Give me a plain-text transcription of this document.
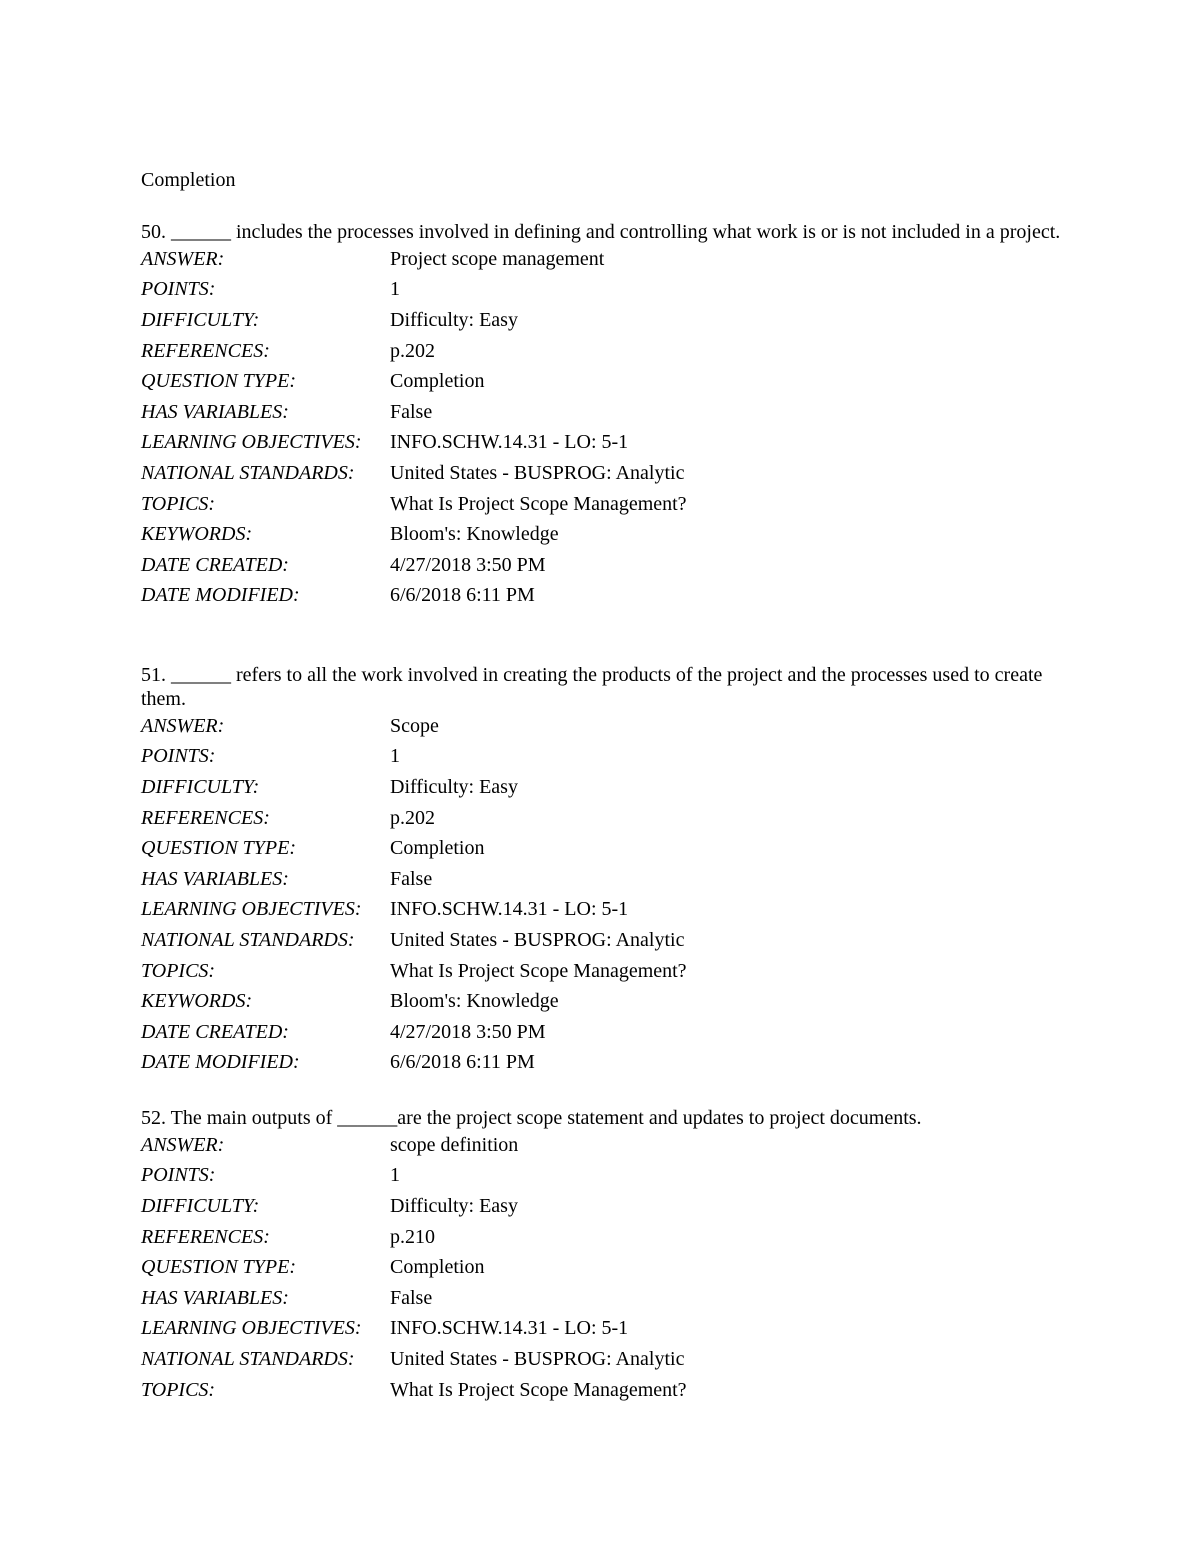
Completion

50. ______ includes the processes involved in defining and controlling what work is or is not included in a project.

ANSWER:	Project scope management
POINTS:	1
DIFFICULTY:	Difficulty: Easy
REFERENCES:	p.202
QUESTION TYPE:	Completion
HAS VARIABLES:	False
LEARNING OBJECTIVES:	INFO.SCHW.14.31 - LO: 5-1
NATIONAL STANDARDS:	United States - BUSPROG: Analytic
TOPICS:	What Is Project Scope Management?
KEYWORDS:	Bloom's: Knowledge
DATE CREATED:	4/27/2018 3:50 PM
DATE MODIFIED:	6/6/2018 6:11 PM

51. ______ refers to all the work involved in creating the products of the project and the processes used to create them.

ANSWER:	Scope
POINTS:	1
DIFFICULTY:	Difficulty: Easy
REFERENCES:	p.202
QUESTION TYPE:	Completion
HAS VARIABLES:	False
LEARNING OBJECTIVES:	INFO.SCHW.14.31 - LO: 5-1
NATIONAL STANDARDS:	United States - BUSPROG: Analytic
TOPICS:	What Is Project Scope Management?
KEYWORDS:	Bloom's: Knowledge
DATE CREATED:	4/27/2018 3:50 PM
DATE MODIFIED:	6/6/2018 6:11 PM

52. The main outputs of ______are the project scope statement and updates to project documents.

ANSWER:	scope definition
POINTS:	1
DIFFICULTY:	Difficulty: Easy
REFERENCES:	p.210
QUESTION TYPE:	Completion
HAS VARIABLES:	False
LEARNING OBJECTIVES:	INFO.SCHW.14.31 - LO: 5-1
NATIONAL STANDARDS:	United States - BUSPROG: Analytic
TOPICS:	What Is Project Scope Management?
